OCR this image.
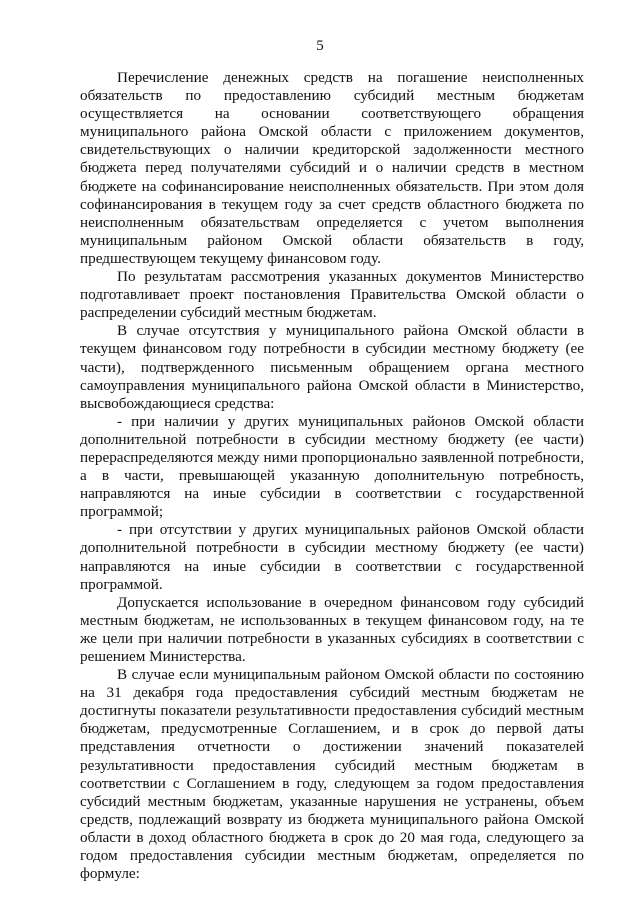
5

Перечисление денежных средств на погашение неисполненных обязательств по предоставлению субсидий местным бюджетам осуществляется на основании соответствующего обращения муниципального района Омской области с приложением документов, свидетельствующих о наличии кредиторской задолженности местного бюджета перед получателями субсидий и о наличии средств в местном бюджете на софинансирование неисполненных обязательств. При этом доля софинансирования в текущем году за счет средств областного бюджета по неисполненным обязательствам определяется с учетом выполнения муниципальным районом Омской области обязательств в году, предшествующем текущему финансовом году.

По результатам рассмотрения указанных документов Министерство подготавливает проект постановления Правительства Омской области о распределении субсидий местным бюджетам.

В случае отсутствия у муниципального района Омской области в текущем финансовом году потребности в субсидии местному бюджету (ее части), подтвержденного письменным обращением органа местного самоуправления муниципального района Омской области в Министерство, высвобождающиеся средства:

- при наличии у других муниципальных районов Омской области дополнительной потребности в субсидии местному бюджету (ее части) перераспределяются между ними пропорционально заявленной потребности, а в части, превышающей указанную дополнительную потребность, направляются на иные субсидии в соответствии с государственной программой;

- при отсутствии у других муниципальных районов Омской области дополнительной потребности в субсидии местному бюджету (ее части) направляются на иные субсидии в соответствии с государственной программой.

Допускается использование в очередном финансовом году субсидий местным бюджетам, не использованных в текущем финансовом году, на те же цели при наличии потребности в указанных субсидиях в соответствии с решением Министерства.

В случае если муниципальным районом Омской области по состоянию на 31 декабря года предоставления субсидий местным бюджетам не достигнуты показатели результативности предоставления субсидий местным бюджетам, предусмотренные Соглашением, и в срок до первой даты представления отчетности о достижении значений показателей результативности предоставления субсидий местным бюджетам в соответствии с Соглашением в году, следующем за годом предоставления субсидий местным бюджетам, указанные нарушения не устранены, объем средств, подлежащий возврату из бюджета муниципального района Омской области в доход областного бюджета в срок до 20 мая года, следующего за годом предоставления субсидии местным бюджетам, определяется по формуле:
